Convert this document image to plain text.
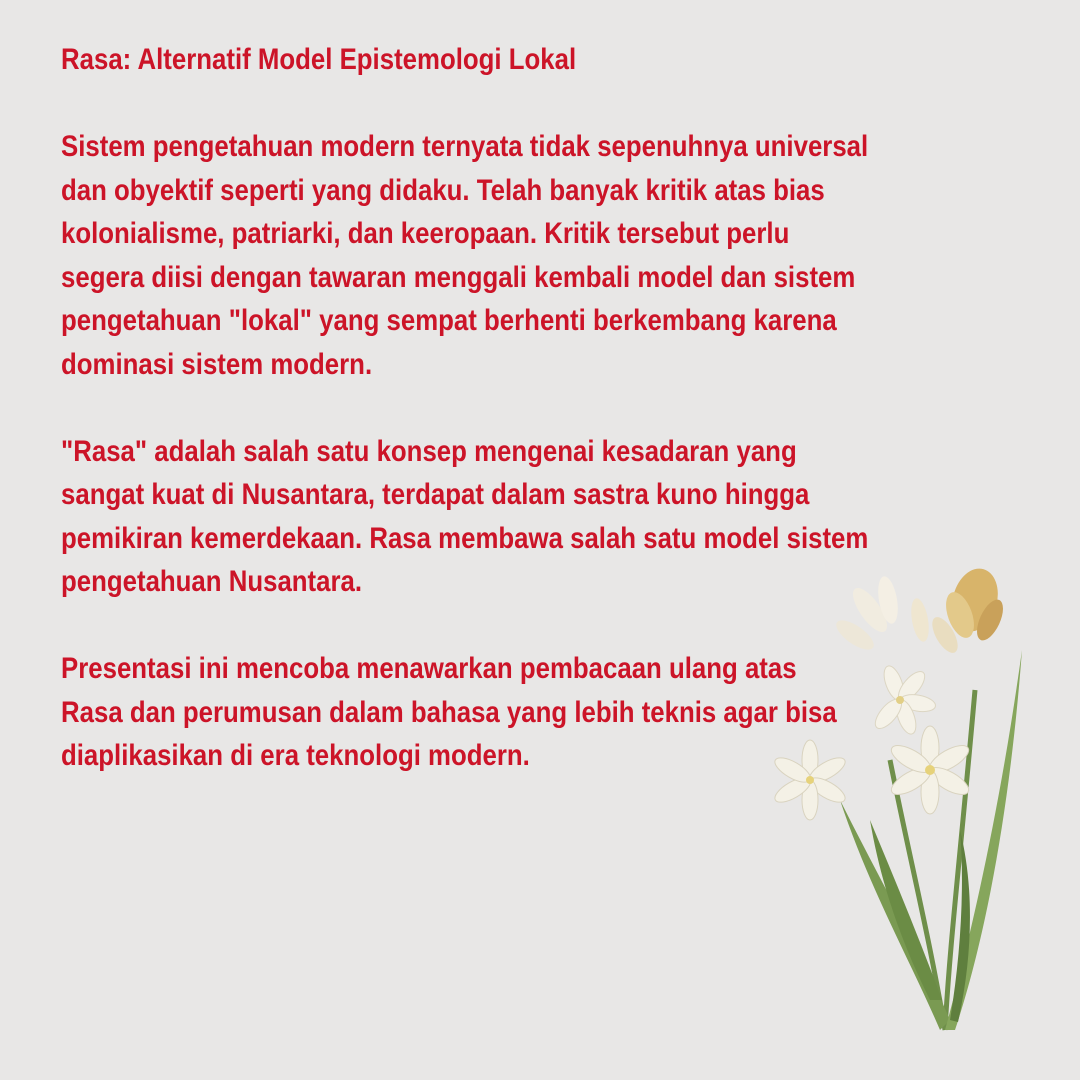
Rasa: Alternatif Model Epistemologi Lokal

Sistem pengetahuan modern ternyata tidak sepenuhnya universal
dan obyektif seperti yang didaku. Telah banyak kritik atas bias
kolonialisme, patriarki, dan keeropaan. Kritik tersebut perlu
segera diisi dengan tawaran menggali kembali model dan sistem
pengetahuan "lokal" yang sempat berhenti berkembang karena
dominasi sistem modern.

"Rasa" adalah salah satu konsep mengenai kesadaran yang
sangat kuat di Nusantara, terdapat dalam sastra kuno hingga
pemikiran kemerdekaan. Rasa membawa salah satu model sistem
pengetahuan Nusantara.

Presentasi ini mencoba menawarkan pembacaan ulang atas
Rasa dan perumusan dalam bahasa yang lebih teknis agar bisa
diaplikasikan di era teknologi modern.
